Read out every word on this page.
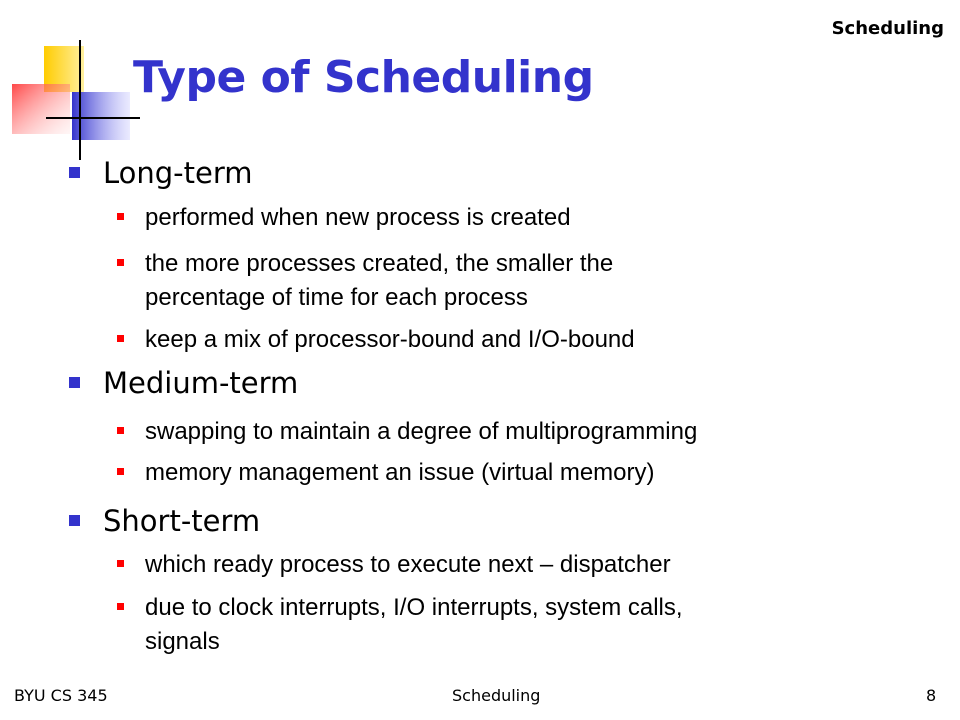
Scheduling
Type of Scheduling
Long-term
performed when new process is created
the more processes created, the smaller the
percentage of time for each process
keep a mix of processor-bound and I/O-bound
Medium-term
swapping to maintain a degree of multiprogramming
memory management an issue (virtual memory)
Short-term
which ready process to execute next – dispatcher
due to clock interrupts, I/O interrupts, system calls,
signals
BYU CS 345	Scheduling	8
